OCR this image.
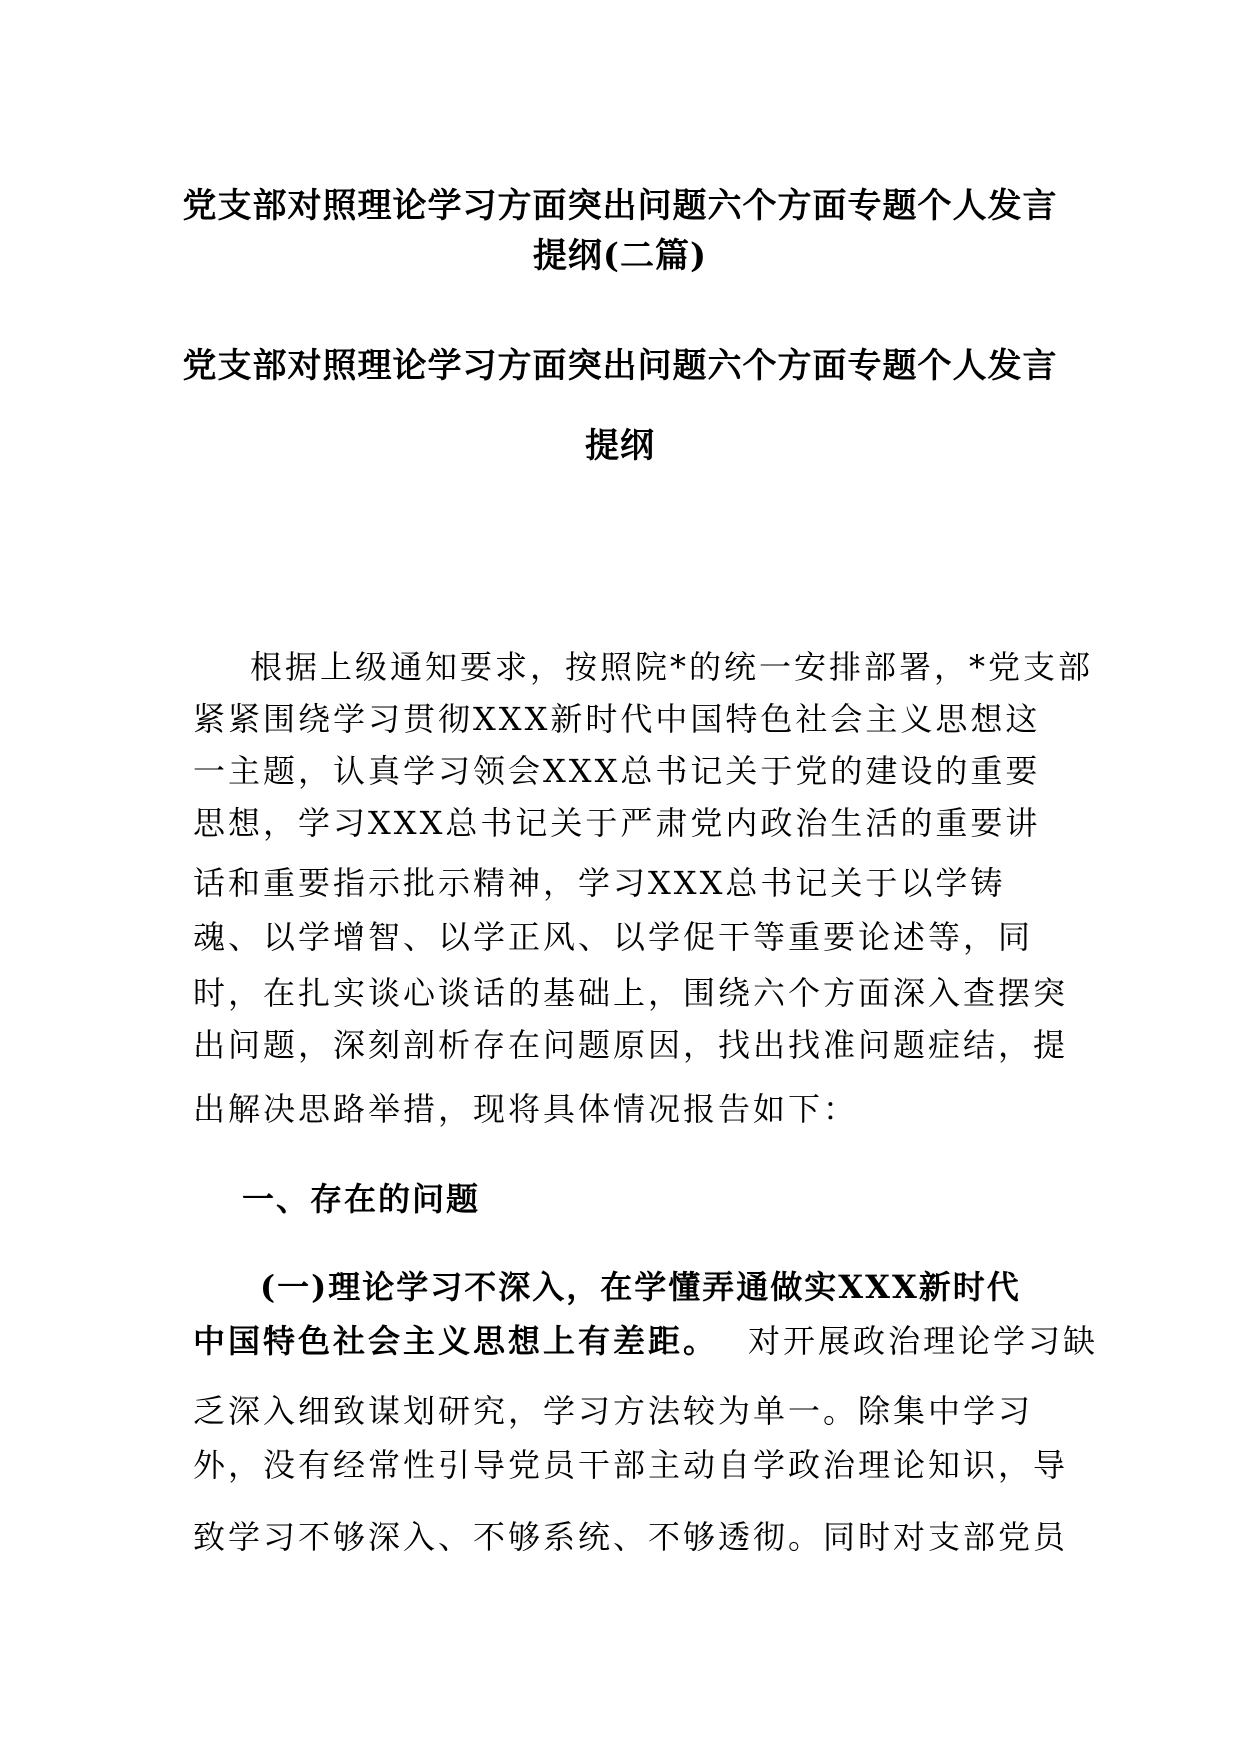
党支部对照理论学习方面突出问题六个方面专题个人发言
提纲(二篇)
党支部对照理论学习方面突出问题六个方面专题个人发言
提纲
根据上级通知要求，按照院*的统一安排部署，*党支部
紧紧围绕学习贯彻XXX新时代中国特色社会主义思想这
一主题，认真学习领会XXX总书记关于党的建设的重要
思想，学习XXX总书记关于严肃党内政治生活的重要讲
话和重要指示批示精神，学习XXX总书记关于以学铸
魂、以学增智、以学正风、以学促干等重要论述等，同
时，在扎实谈心谈话的基础上，围绕六个方面深入查摆突
出问题，深刻剖析存在问题原因，找出找准问题症结，提
出解决思路举措，现将具体情况报告如下：
一、存在的问题
(一)理论学习不深入，在学懂弄通做实XXX新时代
中国特色社会主义思想上有差距。 对开展政治理论学习缺
乏深入细致谋划研究，学习方法较为单一。除集中学习
外，没有经常性引导党员干部主动自学政治理论知识，导
致学习不够深入、不够系统、不够透彻。同时对支部党员
